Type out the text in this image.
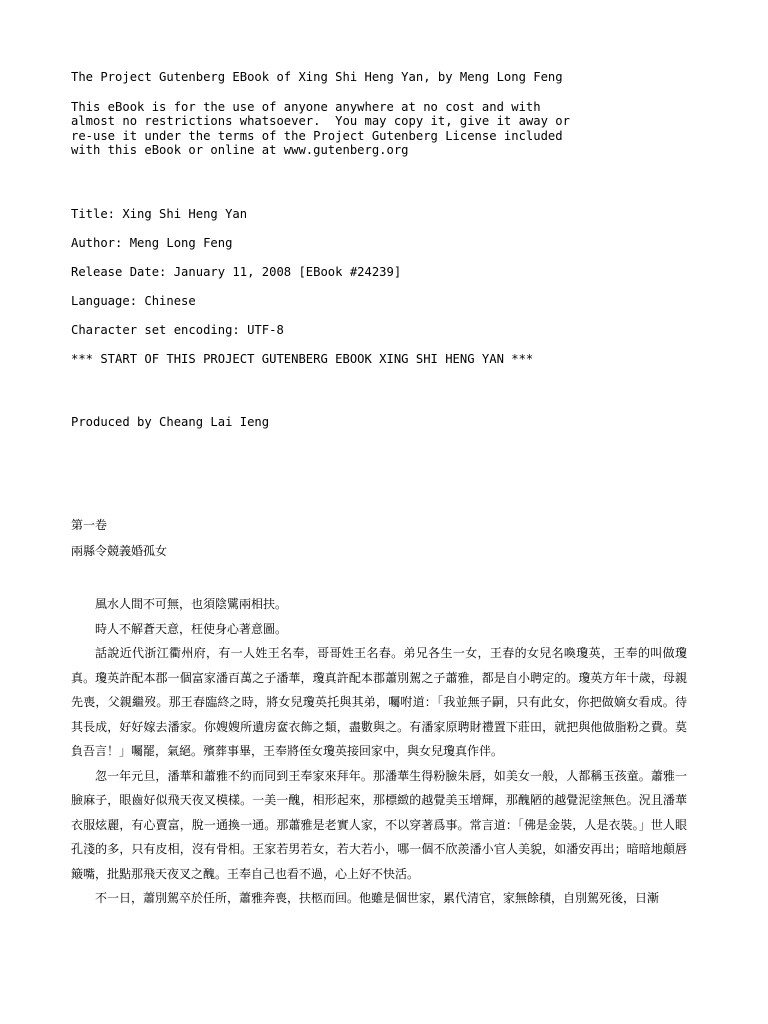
The Project Gutenberg EBook of Xing Shi Heng Yan, by Meng Long Feng

This eBook is for the use of anyone anywhere at no cost and with

almost no restrictions whatsoever.  You may copy it, give it away or

re-use it under the terms of the Project Gutenberg License included

with this eBook or online at www.gutenberg.org

Title: Xing Shi Heng Yan

Author: Meng Long Feng

Release Date: January 11, 2008 [EBook #24239]

Language: Chinese

Character set encoding: UTF-8

*** START OF THIS PROJECT GUTENBERG EBOOK XING SHI HENG YAN ***

Produced by Cheang Lai Ieng

第一卷

兩縣令競義婚孤女

風水人間不可無，也須陰騭兩相扶。

時人不解蒼天意，枉使身心著意圖。

話說近代浙江衢州府，有一人姓王名奉，哥哥姓王名春。弟兄各生一女，王春的女兒名喚瓊英，王奉的叫做瓊真。瓊英許配本郡一個富家潘百萬之子潘華，瓊真許配本郡蕭別駕之子蕭雅，都是自小聘定的。瓊英方年十歲，母親先喪，父親繼歿。那王春臨終之時，將女兒瓊英托與其弟，囑咐道：「我並無子嗣，只有此女，你把做嫡女看成。待其長成，好好嫁去潘家。你嫂嫂所遺房奩衣飾之類，盡數與之。有潘家原聘財禮置下莊田，就把與他做脂粉之費。莫負吾言！」囑罷，氣絕。殯葬事畢，王奉將侄女瓊英接回家中，與女兒瓊真作伴。

忽一年元旦，潘華和蕭雅不約而同到王奉家來拜年。那潘華生得粉臉朱唇，如美女一般，人都稱玉孩童。蕭雅一臉麻子，眼齒好似飛天夜叉模樣。一美一醜，相形起來，那標緻的越覺美玉增輝，那醜陋的越覺泥塗無色。況且潘華衣服炫麗，有心賣富，脫一通換一通。那蕭雅是老實人家，不以穿著爲事。常言道：「佛是金裝，人是衣裝。」世人眼孔淺的多，只有皮相，沒有骨相。王家若男若女，若大若小，哪一個不欣羨潘小官人美貌，如潘安再出；暗暗地顛唇簸嘴，批點那飛天夜叉之醜。王奉自己也看不過，心上好不快活。

不一日，蕭別駕卒於任所，蕭雅奔喪，扶柩而回。他雖是個世家，累代清官，家無餘積，自別駕死後，日漸
